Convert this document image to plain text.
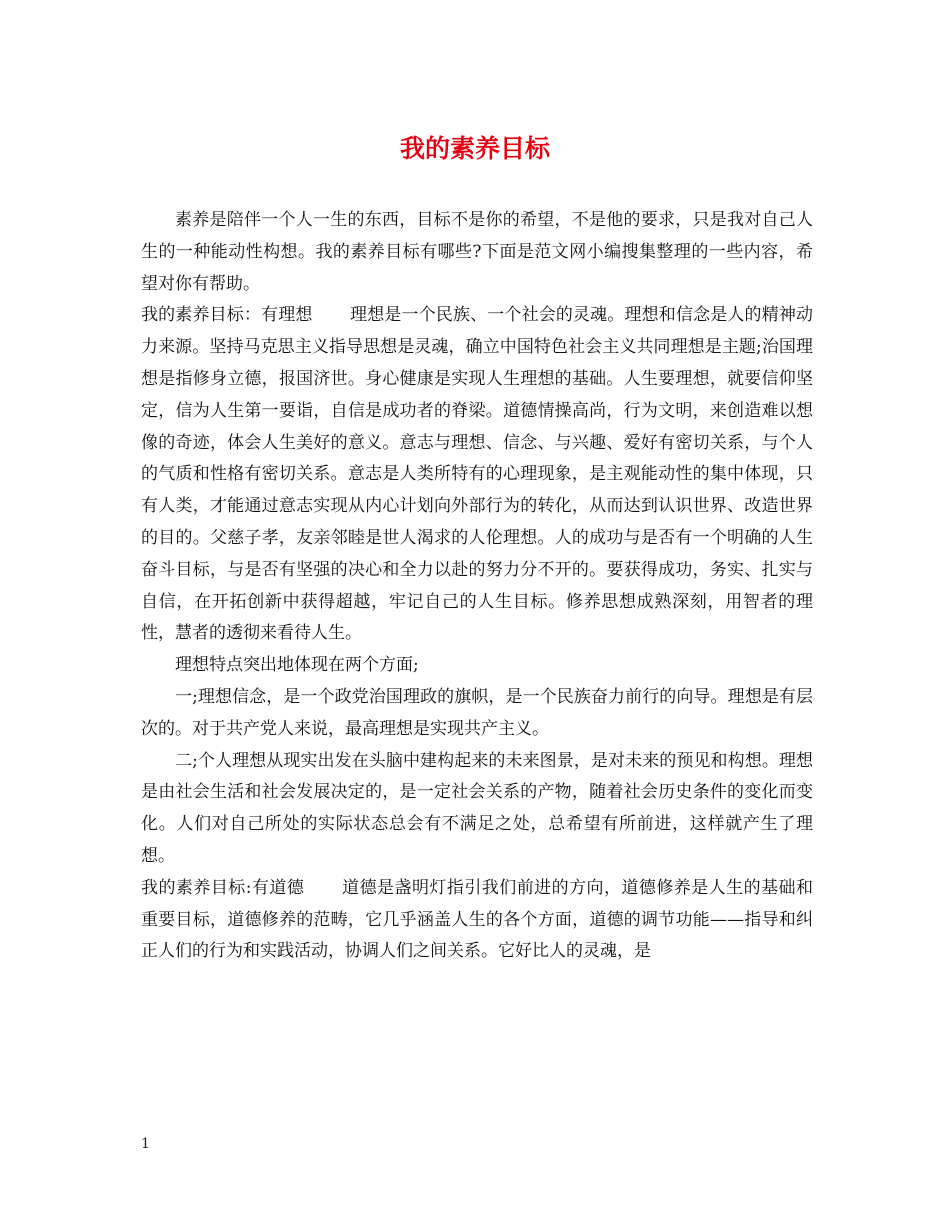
我的素养目标

素养是陪伴一个人一生的东西，目标不是你的希望，不是他的要求，只是我对自己人生的一种能动性构想。我的素养目标有哪些?下面是范文网小编搜集整理的一些内容，希望对你有帮助。

我的素养目标：有理想 理想是一个民族、一个社会的灵魂。理想和信念是人的精神动力来源。坚持马克思主义指导思想是灵魂，确立中国特色社会主义共同理想是主题;治国理想是指修身立德，报国济世。身心健康是实现人生理想的基础。人生要理想，就要信仰坚定，信为人生第一要诣，自信是成功者的脊梁。道德情操高尚，行为文明，来创造难以想像的奇迹，体会人生美好的意义。意志与理想、信念、与兴趣、爱好有密切关系，与个人的气质和性格有密切关系。意志是人类所特有的心理现象，是主观能动性的集中体现，只有人类，才能通过意志实现从内心计划向外部行为的转化，从而达到认识世界、改造世界的目的。父慈子孝，友亲邻睦是世人渴求的人伦理想。人的成功与是否有一个明确的人生奋斗目标，与是否有坚强的决心和全力以赴的努力分不开的。要获得成功，务实、扎实与自信，在开拓创新中获得超越，牢记自己的人生目标。修养思想成熟深刻，用智者的理性，慧者的透彻来看待人生。

理想特点突出地体现在两个方面;

一;理想信念，是一个政党治国理政的旗帜，是一个民族奋力前行的向导。理想是有层次的。对于共产党人来说，最高理想是实现共产主义。

二;个人理想从现实出发在头脑中建构起来的未来图景，是对未来的预见和构想。理想是由社会生活和社会发展决定的，是一定社会关系的产物，随着社会历史条件的变化而变化。人们对自己所处的实际状态总会有不满足之处，总希望有所前进，这样就产生了理想。

我的素养目标:有道德 道德是盏明灯指引我们前进的方向，道德修养是人生的基础和重要目标，道德修养的范畴，它几乎涵盖人生的各个方面，道德的调节功能——指导和纠正人们的行为和实践活动，协调人们之间关系。它好比人的灵魂，是

1
